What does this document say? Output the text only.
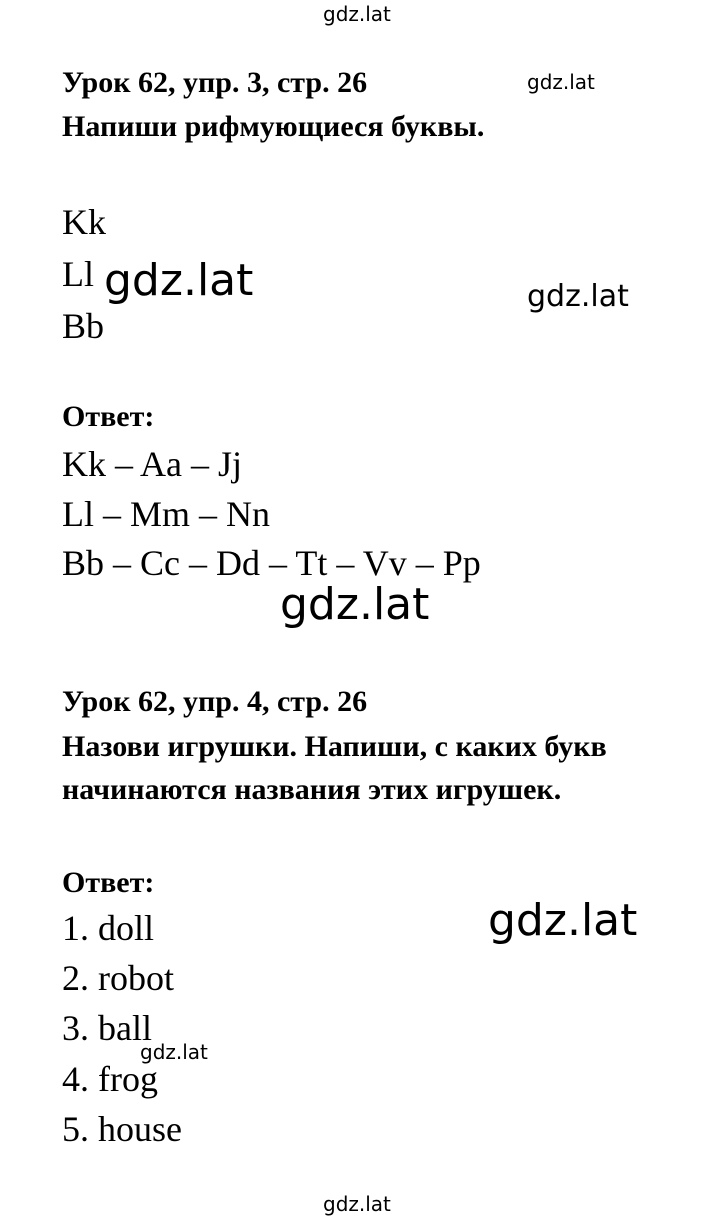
Урок 62, упр. 3, стр. 26
Напиши рифмующиеся буквы.
Kk
Ll
Bb
Ответ:
Kk – Aa – Jj
Ll – Mm – Nn
Bb – Cc – Dd – Tt – Vv – Pp
Урок 62, упр. 4, стр. 26
Назови игрушки. Напиши, с каких букв
начинаются названия этих игрушек.
Ответ:
1. doll
2. robot
3. ball
4. frog
5. house
gdz.lat
gdz.lat
gdz.lat	gdz.lat
gdz.lat
gdz.lat
gdz.lat
gdz.lat
